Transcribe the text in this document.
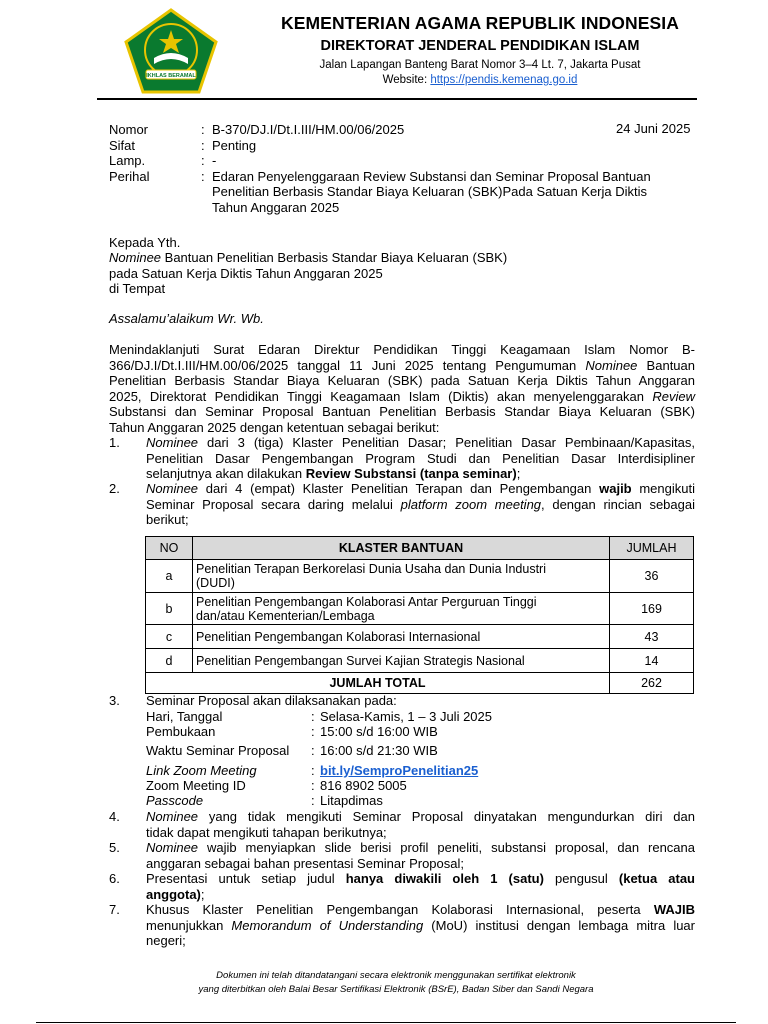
IKHLAS BERAMAL
KEMENTERIAN AGAMA REPUBLIK INDONESIA
DIREKTORAT JENDERAL PENDIDIKAN ISLAM
Jalan Lapangan Banteng Barat Nomor 3–4 Lt. 7, Jakarta Pusat
Website: https://pendis.kemenag.go.id
Nomor	: B-370/DJ.I/Dt.I.III/HM.00/06/2025	24 Juni 2025
Sifat	: Penting
Lamp.	: -
Perihal	: Edaran Penyelenggaraan Review Substansi dan Seminar Proposal Bantuan
Penelitian Berbasis Standar Biaya Keluaran (SBK)Pada Satuan Kerja Diktis
Tahun Anggaran 2025
Kepada Yth.
Nominee Bantuan Penelitian Berbasis Standar Biaya Keluaran (SBK)
pada Satuan Kerja Diktis Tahun Anggaran 2025
di Tempat
Assalamu’alaikum Wr. Wb.
Menindaklanjuti Surat Edaran Direktur Pendidikan Tinggi Keagamaan Islam Nomor B-
366/DJ.I/Dt.I.III/HM.00/06/2025 tanggal 11 Juni 2025 tentang Pengumuman Nominee Bantuan
Penelitian Berbasis Standar Biaya Keluaran (SBK) pada Satuan Kerja Diktis Tahun Anggaran
2025, Direktorat Pendidikan Tinggi Keagamaan Islam (Diktis) akan menyelenggarakan Review
Substansi dan Seminar Proposal Bantuan Penelitian Berbasis Standar Biaya Keluaran (SBK)
Tahun Anggaran 2025 dengan ketentuan sebagai berikut:
1. Nominee dari 3 (tiga) Klaster Penelitian Dasar; Penelitian Dasar Pembinaan/Kapasitas,
Penelitian Dasar Pengembangan Program Studi dan Penelitian Dasar Interdisipliner
selanjutnya akan dilakukan Review Substansi (tanpa seminar);
2. Nominee dari 4 (empat) Klaster Penelitian Terapan dan Pengembangan wajib mengikuti
Seminar Proposal secara daring melalui platform zoom meeting, dengan rincian sebagai
berikut;
NO	KLASTER BANTUAN	JUMLAH
a	Penelitian Terapan Berkorelasi Dunia Usaha dan Dunia Industri
(DUDI)	36
b	Penelitian Pengembangan Kolaborasi Antar Perguruan Tinggi
dan/atau Kementerian/Lembaga	169
c	Penelitian Pengembangan Kolaborasi Internasional	43
d	Penelitian Pengembangan Survei Kajian Strategis Nasional	14
JUMLAH TOTAL		262
3. Seminar Proposal akan dilaksanakan pada:
Hari, Tanggal	: Selasa-Kamis, 1 – 3 Juli 2025
Pembukaan	: 15:00 s/d 16:00 WIB
Waktu Seminar Proposal : 16:00 s/d 21:30 WIB
Link Zoom Meeting	: bit.ly/SemproPenelitian25
Zoom Meeting ID	: 816 8902 5005
Passcode	: Litapdimas
4. Nominee yang tidak mengikuti Seminar Proposal dinyatakan mengundurkan diri dan
tidak dapat mengikuti tahapan berikutnya;
5. Nominee wajib menyiapkan slide berisi profil peneliti, substansi proposal, dan rencana
anggaran sebagai bahan presentasi Seminar Proposal;
6. Presentasi untuk setiap judul hanya diwakili oleh 1 (satu) pengusul (ketua atau
anggota);
7. Khusus Klaster Penelitian Pengembangan Kolaborasi Internasional, peserta WAJIB
menunjukkan Memorandum of Understanding (MoU) institusi dengan lembaga mitra luar
negeri;
Dokumen ini telah ditandatangani secara elektronik menggunakan sertifikat elektronik
yang diterbitkan oleh Balai Besar Sertifikasi Elektronik (BSrE), Badan Siber dan Sandi Negara
